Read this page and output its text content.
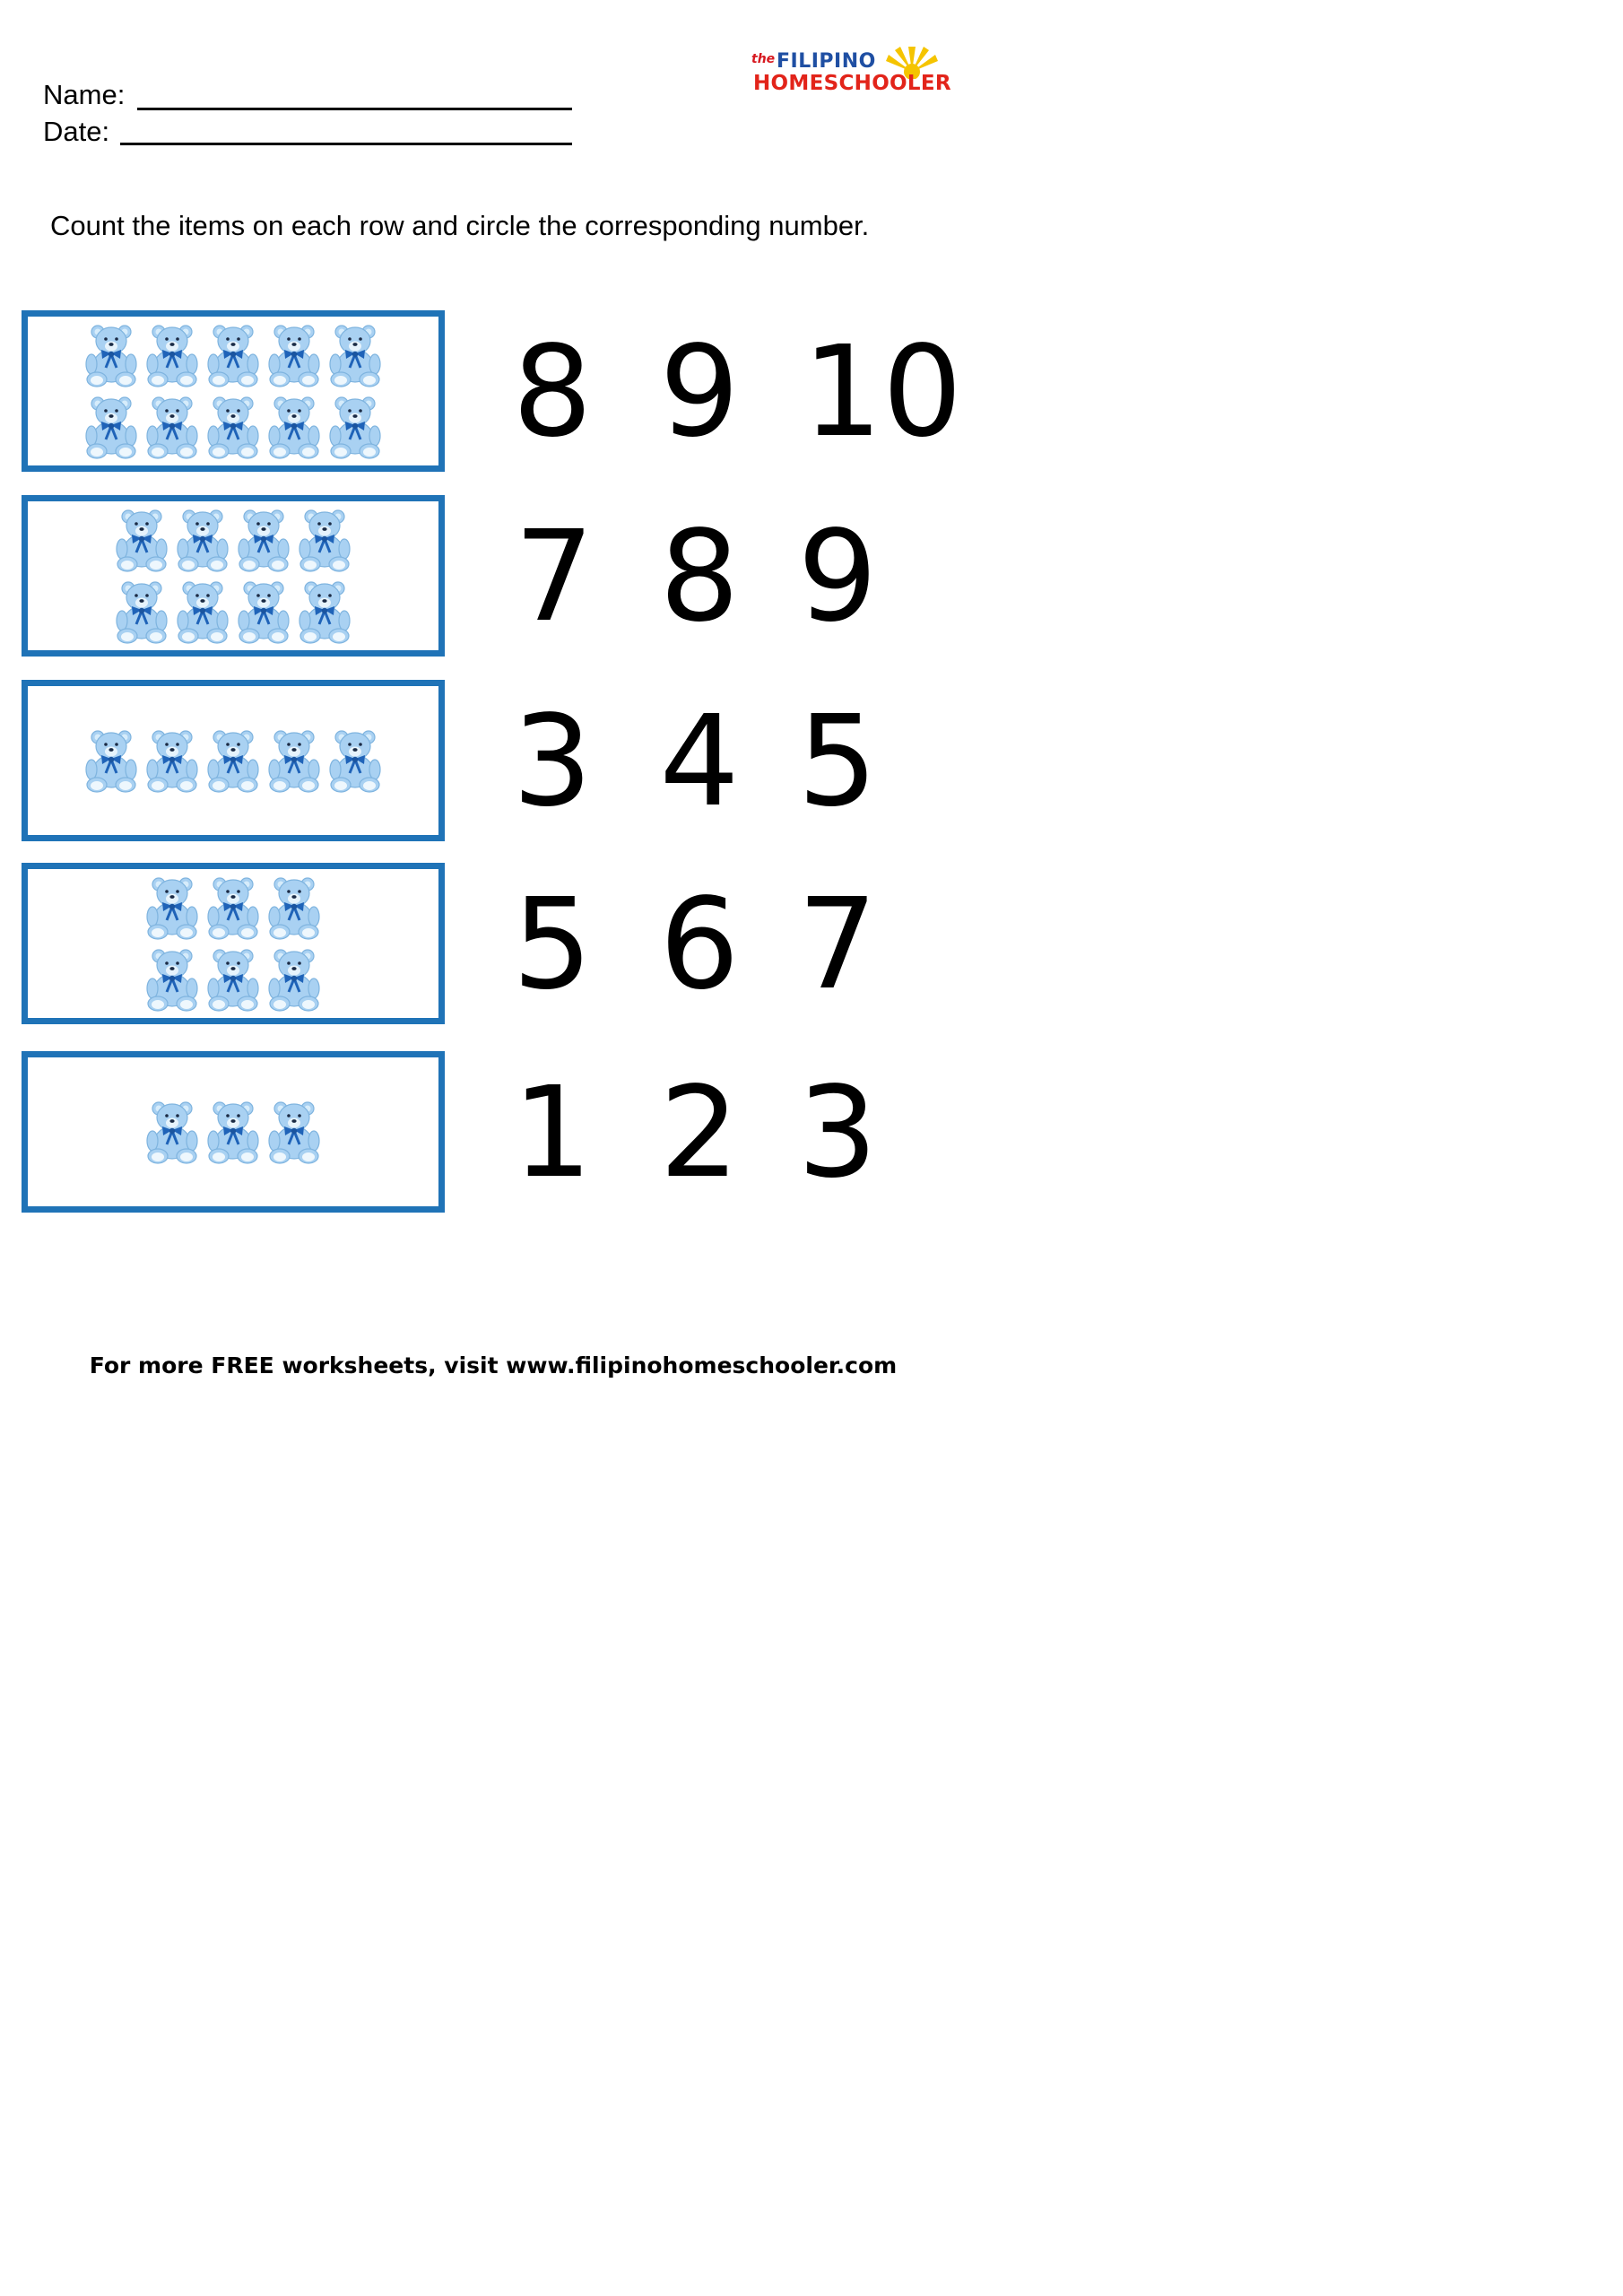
Name:
Date:
the FILIPINO
HOMESCHOOLER
Count the items on each row and circle the corresponding number.
For more FREE worksheets, visit www.filipinohomeschooler.com
8 9 10
7 8 9
3 4 5
5 6 7
1 2 3
